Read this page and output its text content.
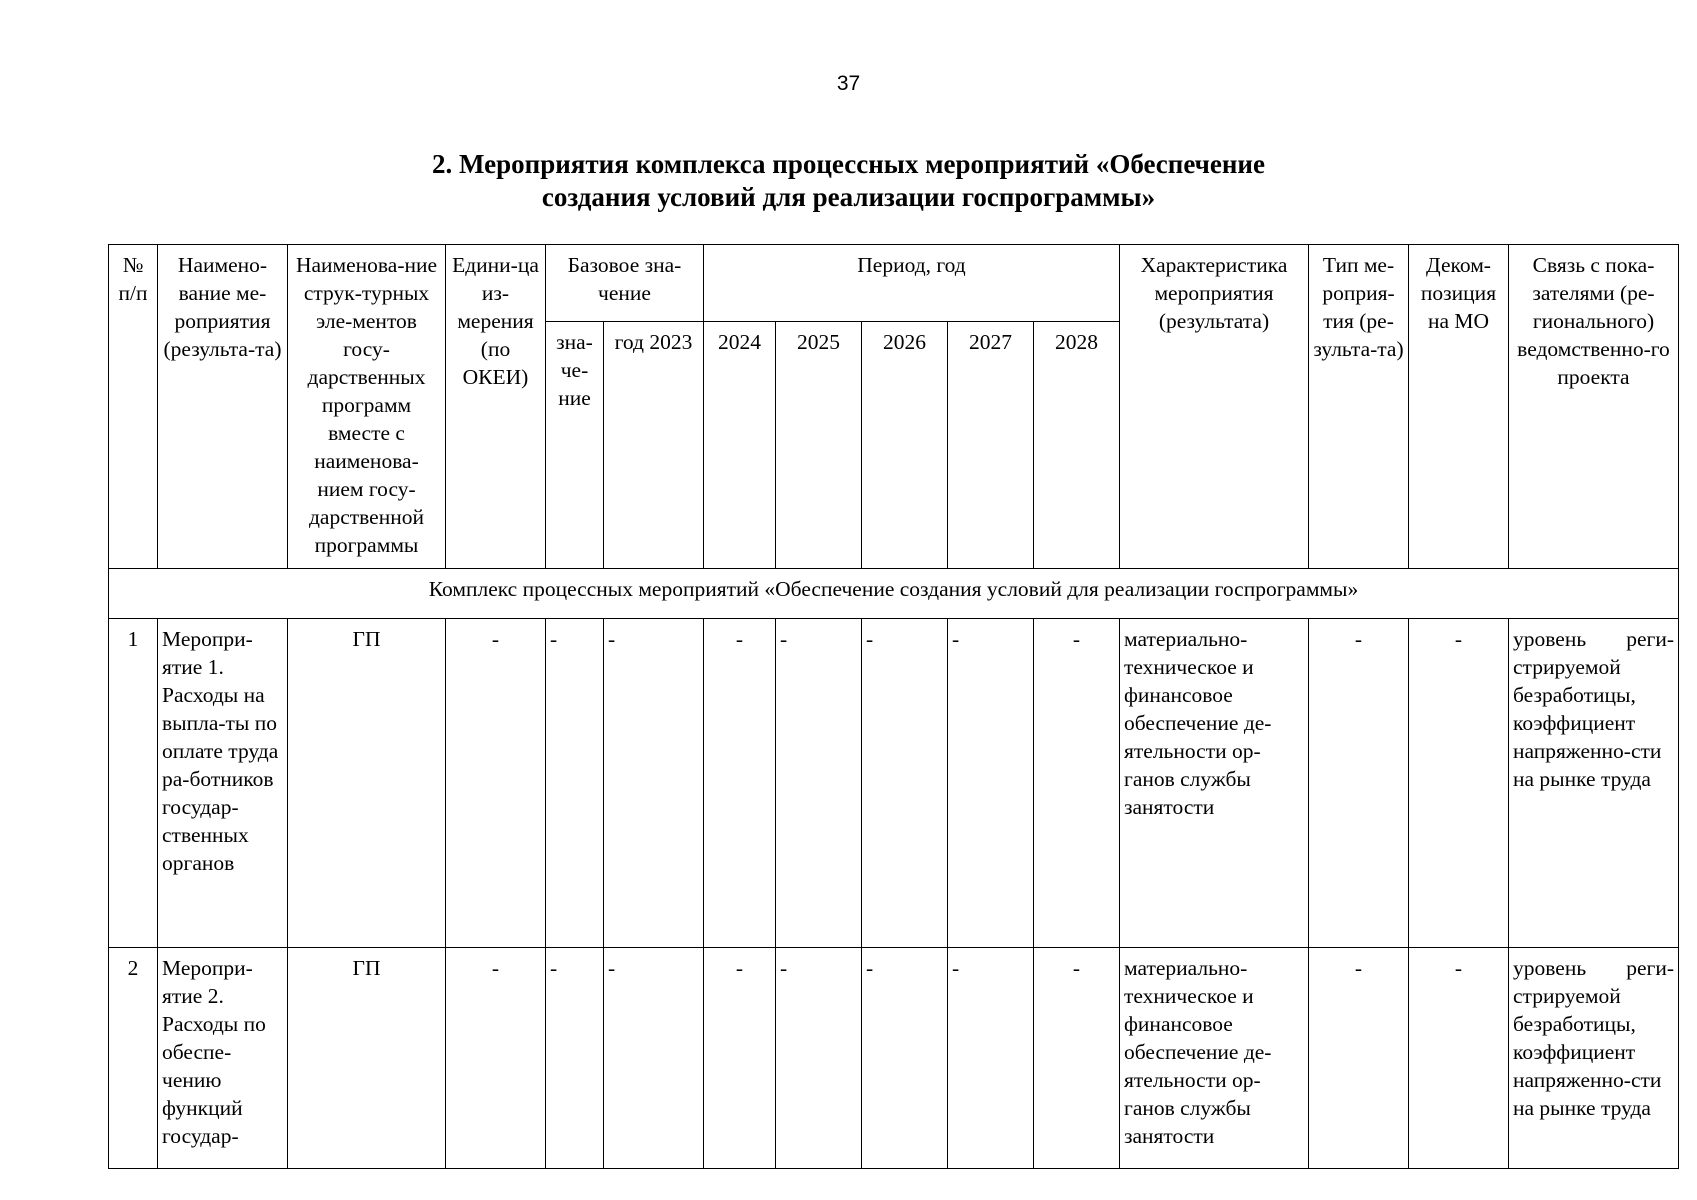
37
2. Мероприятия комплекса процессных мероприятий «Обеспечение
создания условий для реализации госпрограммы»
№ п/п	Наимено-вание ме-роприятия (результа-та)	Наименова-ние струк-турных эле-ментов госу-дарственных программ вместе с наименова-нием госу-дарственной программы	Едини-ца из-мерения (по ОКЕИ)	Базовое зна-чение		Период, год					Характеристика мероприятия (результата)	Тип ме-роприя-тия (ре-зульта-та)	Деком-позиция на МО	Связь с пока-зателями (ре-гионального) ведомственно-го проекта
				зна-че-ние	год 2023	2024	2025	2026	2027	2028				
Комплекс процессных мероприятий «Обеспечение создания условий для реализации госпрограммы»														
1	Меропри-ятие 1. Расходы на выпла-ты по оплате труда ра-ботников государ-ственных органов	ГП	-	-	-	-	-	-	-	-	материально-техническое и финансовое обеспечение де-ятельности ор-ганов службы занятости	-	-	уровень реги-стрируемой безработицы, коэффициент напряженно-сти на рынке труда
2	Меропри-ятие 2. Расходы по обеспе-чению функций государ-	ГП	-	-	-	-	-	-	-	-	материально-техническое и финансовое обеспечение де-ятельности ор-ганов службы занятости	-	-	уровень реги-стрируемой безработицы, коэффициент напряженно-сти на рынке труда
